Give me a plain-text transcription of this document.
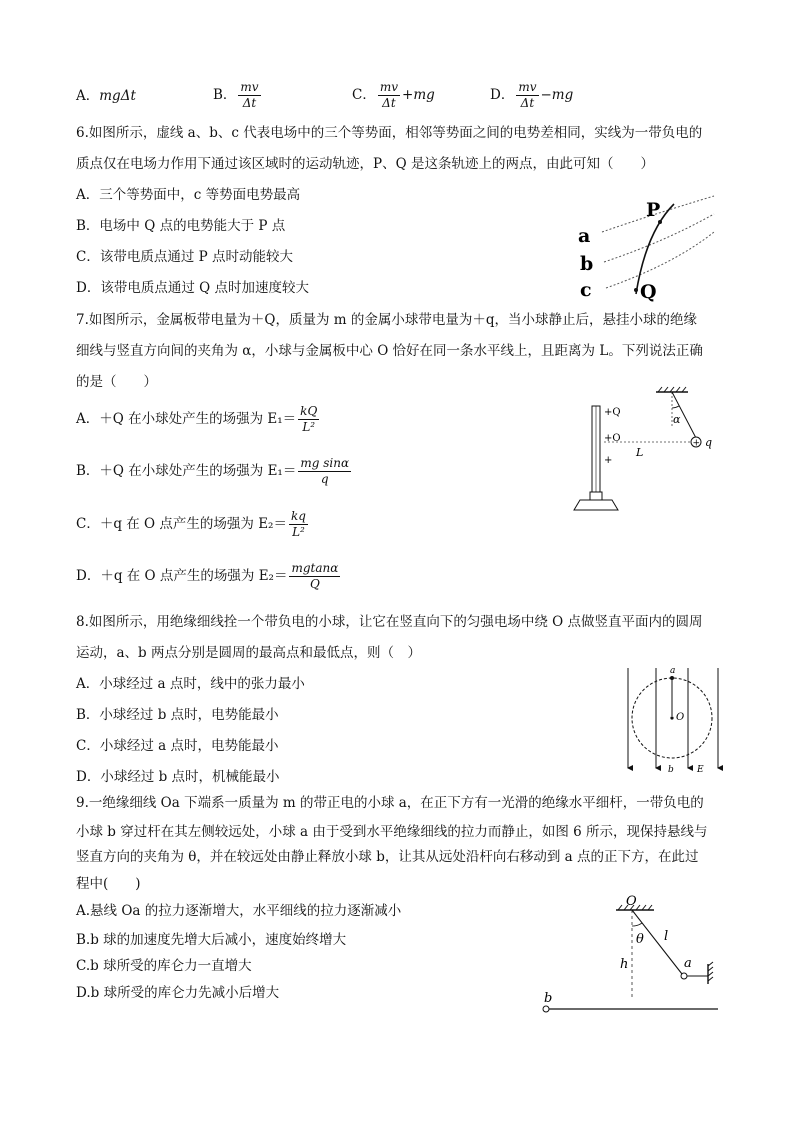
A．mgΔt	B． $\frac{mv}{\Delta t}$	C． $\frac{mv}{\Delta t} +mg$	D． $\frac{mv}{\Delta t} -mg$
6.如图所示，虚线 a、b、c 代表电场中的三个等势面，相邻等势面之间的电势差相同，实线为一带负电的
质点仅在电场力作用下通过该区域时的运动轨迹，P、Q 是这条轨迹上的两点，由此可知（　　）
A．三个等势面中，c 等势面电势最高
B．电场中 Q 点的电势能大于 P 点
C．该带电质点通过 P 点时动能较大
D．该带电质点通过 Q 点时加速度较大
P
Q
a
b
c
7.如图所示，金属板带电量为＋Q，质量为 m 的金属小球带电量为＋q，当小球静止后，悬挂小球的绝缘
细线与竖直方向间的夹角为 α，小球与金属板中心 O 恰好在同一条水平线上，且距离为 L。下列说法正确
的是（　　）
A．＋Q 在小球处产生的场强为 $E_1= \frac{kQ}{\text{L²}}$
B．＋Q 在小球处产生的场强为 $E_1= \frac{\text{mg sinα}}{q}$
C．＋q 在 O 点产生的场强为 $E_2= \frac{kq}{\text{L²}}$
D．＋q 在 O 点产生的场强为 $E_2= \frac{mgtan\alpha}{Q}$
α
+ q
L
+Q
+O
+
8.如图所示，用绝缘细线拴一个带负电的小球，让它在竖直向下的匀强电场中绕 O 点做竖直平面内的圆周
运动，a、b 两点分别是圆周的最高点和最低点，则（　）
A．小球经过 a 点时，线中的张力最小
B．小球经过 b 点时，电势能最小
C．小球经过 a 点时，电势能最小
D．小球经过 b 点时，机械能最小
a
O
b	E
9.一绝缘细线 Oa 下端系一质量为 m 的带正电的小球 a，在正下方有一光滑的绝缘水平细杆，一带负电的
小球 b 穿过杆在其左侧较远处，小球 a 由于受到水平绝缘细线的拉力而静止，如图 6 所示，现保持悬线与
竖直方向的夹角为 θ，并在较远处由静止释放小球 b，让其从远处沿杆向右移动到 a 点的正下方，在此过
程中(　　)
A.悬线 Oa 的拉力逐渐增大，水平细线的拉力逐渐减小
B.b 球的加速度先增大后减小，速度始终增大
C.b 球所受的库仑力一直增大
D.b 球所受的库仑力先减小后增大
O
h
θ l
a
b
